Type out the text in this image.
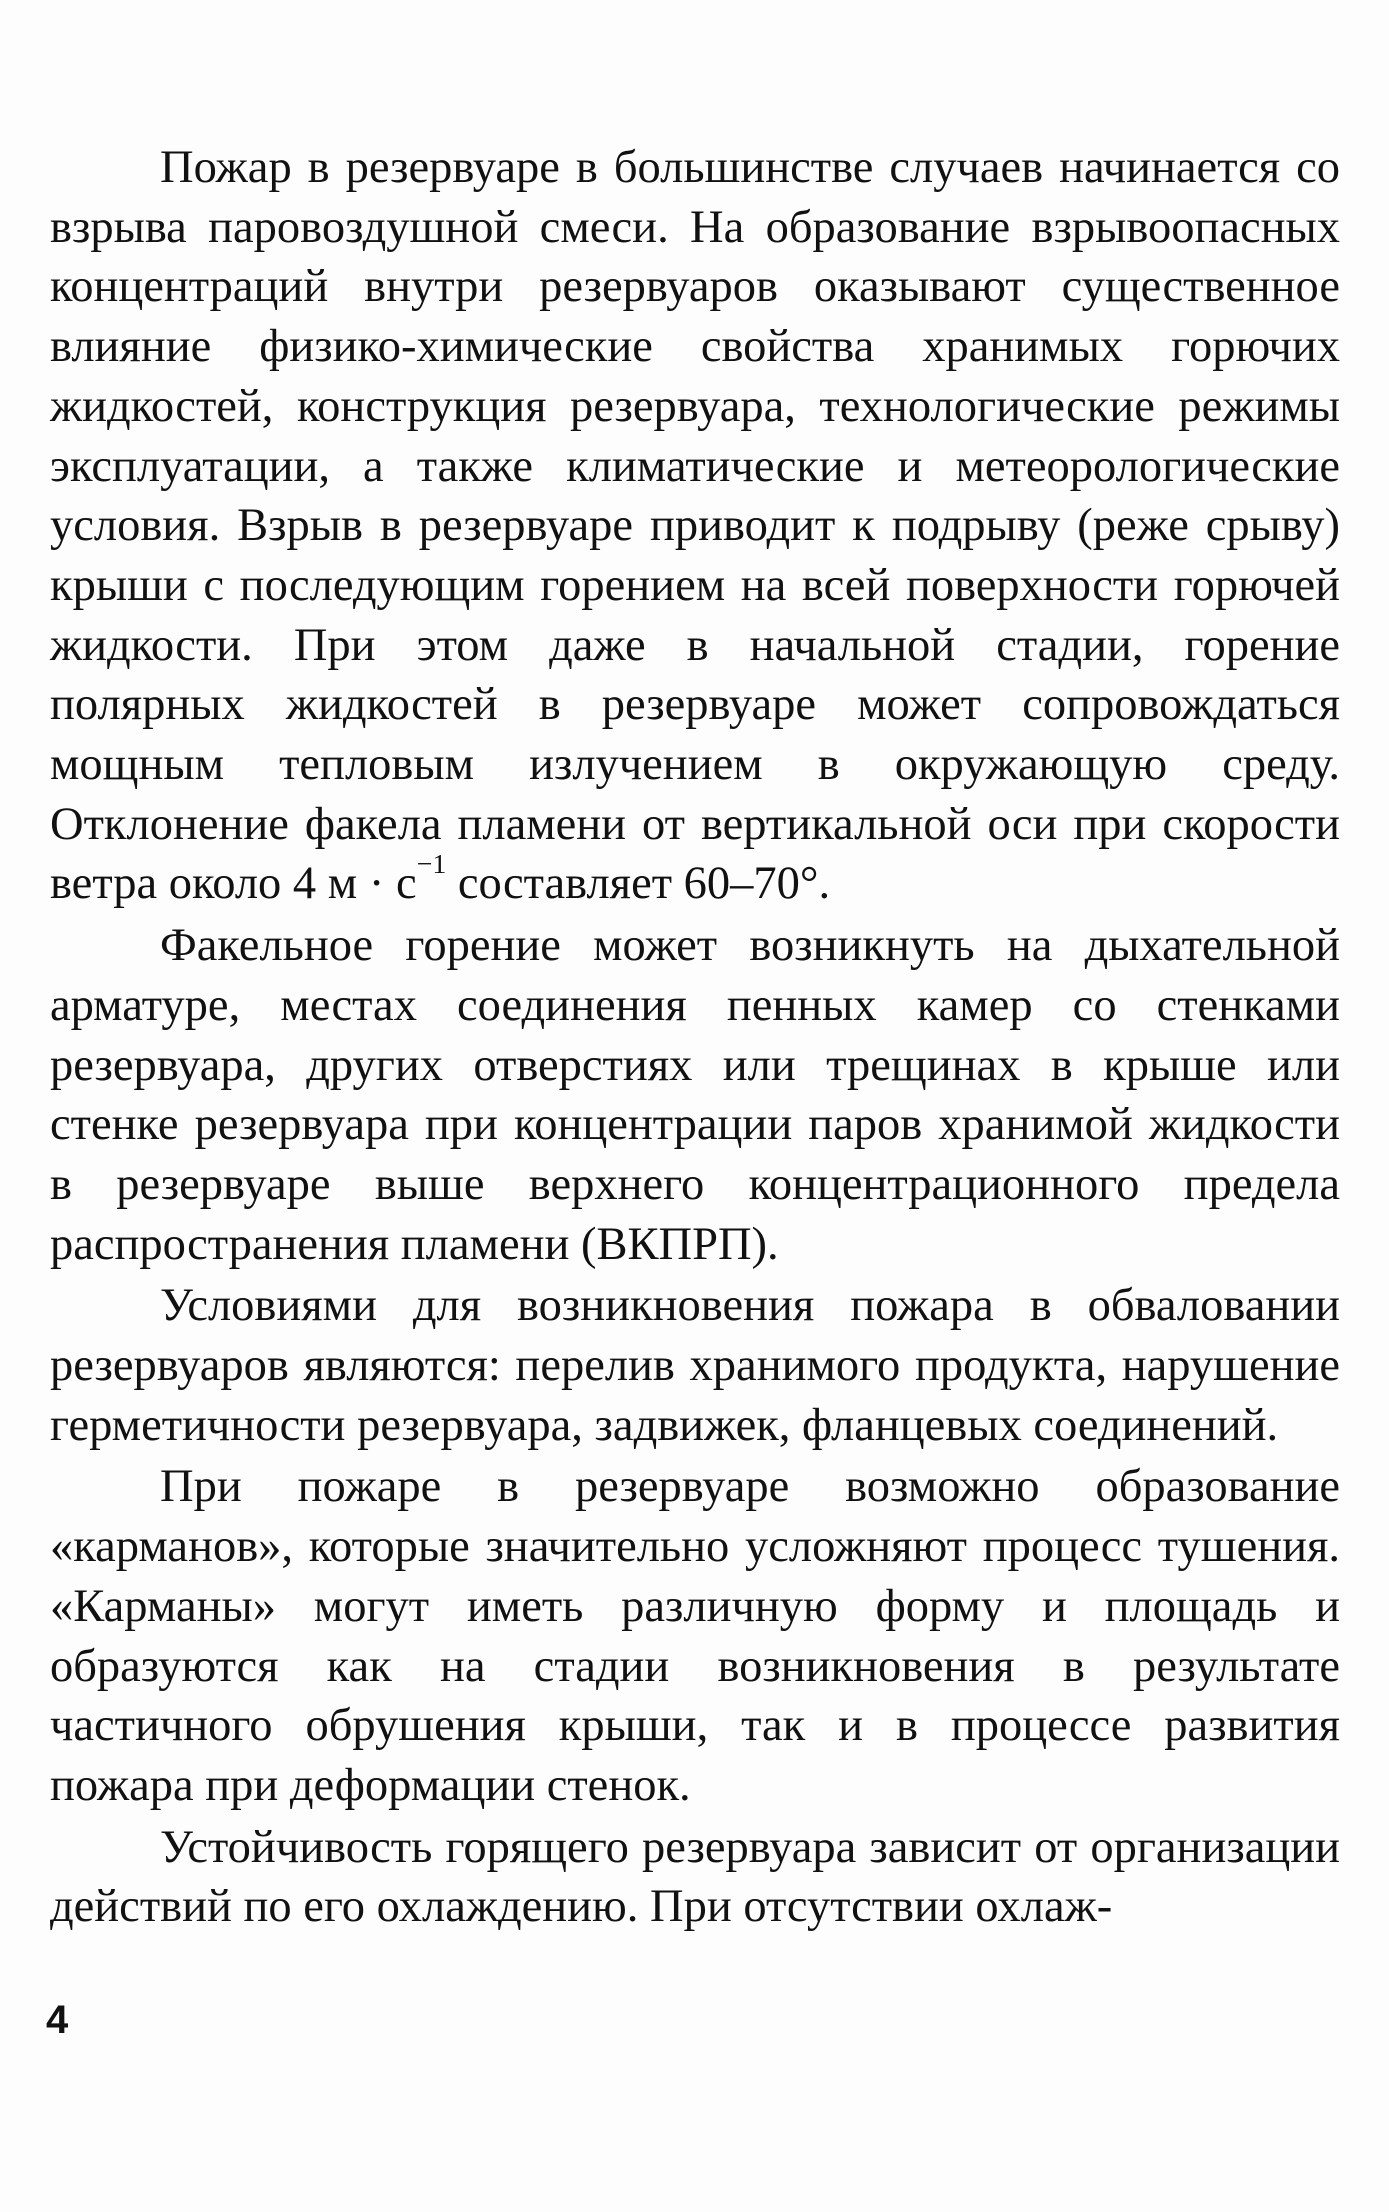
Пожар в резервуаре в большинстве случаев начинается со взрыва паровоздушной смеси. На образование взрывоопасных концентраций внутри резервуаров оказывают существенное влияние физико-химические свойства хранимых горючих жидкостей, конструкция резервуара, технологические режимы эксплуатации, а также климатические и метеорологические условия. Взрыв в резервуаре приводит к подрыву (реже срыву) крыши с последующим горением на всей поверхности горючей жидкости. При этом даже в начальной стадии, горение полярных жидкостей в резервуаре может сопровождаться мощным тепловым излучением в окружающую среду. Отклонение факела пламени от вертикальной оси при скорости ветра около 4 $м \cdot с^{-1}$ составляет 60–70°.

Факельное горение может возникнуть на дыхательной арматуре, местах соединения пенных камер со стенками резервуара, других отверстиях или трещинах в крыше или стенке резервуара при концентрации паров хранимой жидкости в резервуаре выше верхнего концентрационного предела распространения пламени (ВКПРП).

Условиями для возникновения пожара в обваловании резервуаров являются: перелив хранимого продукта, нарушение герметичности резервуара, задвижек, фланцевых соединений.

При пожаре в резервуаре возможно образование «карманов», которые значительно усложняют процесс тушения. «Карманы» могут иметь различную форму и площадь и образуются как на стадии возникновения в результате частичного обрушения крыши, так и в процессе развития пожара при деформации стенок.

Устойчивость горящего резервуара зависит от организации действий по его охлаждению. При отсутствии охлаж-

4
